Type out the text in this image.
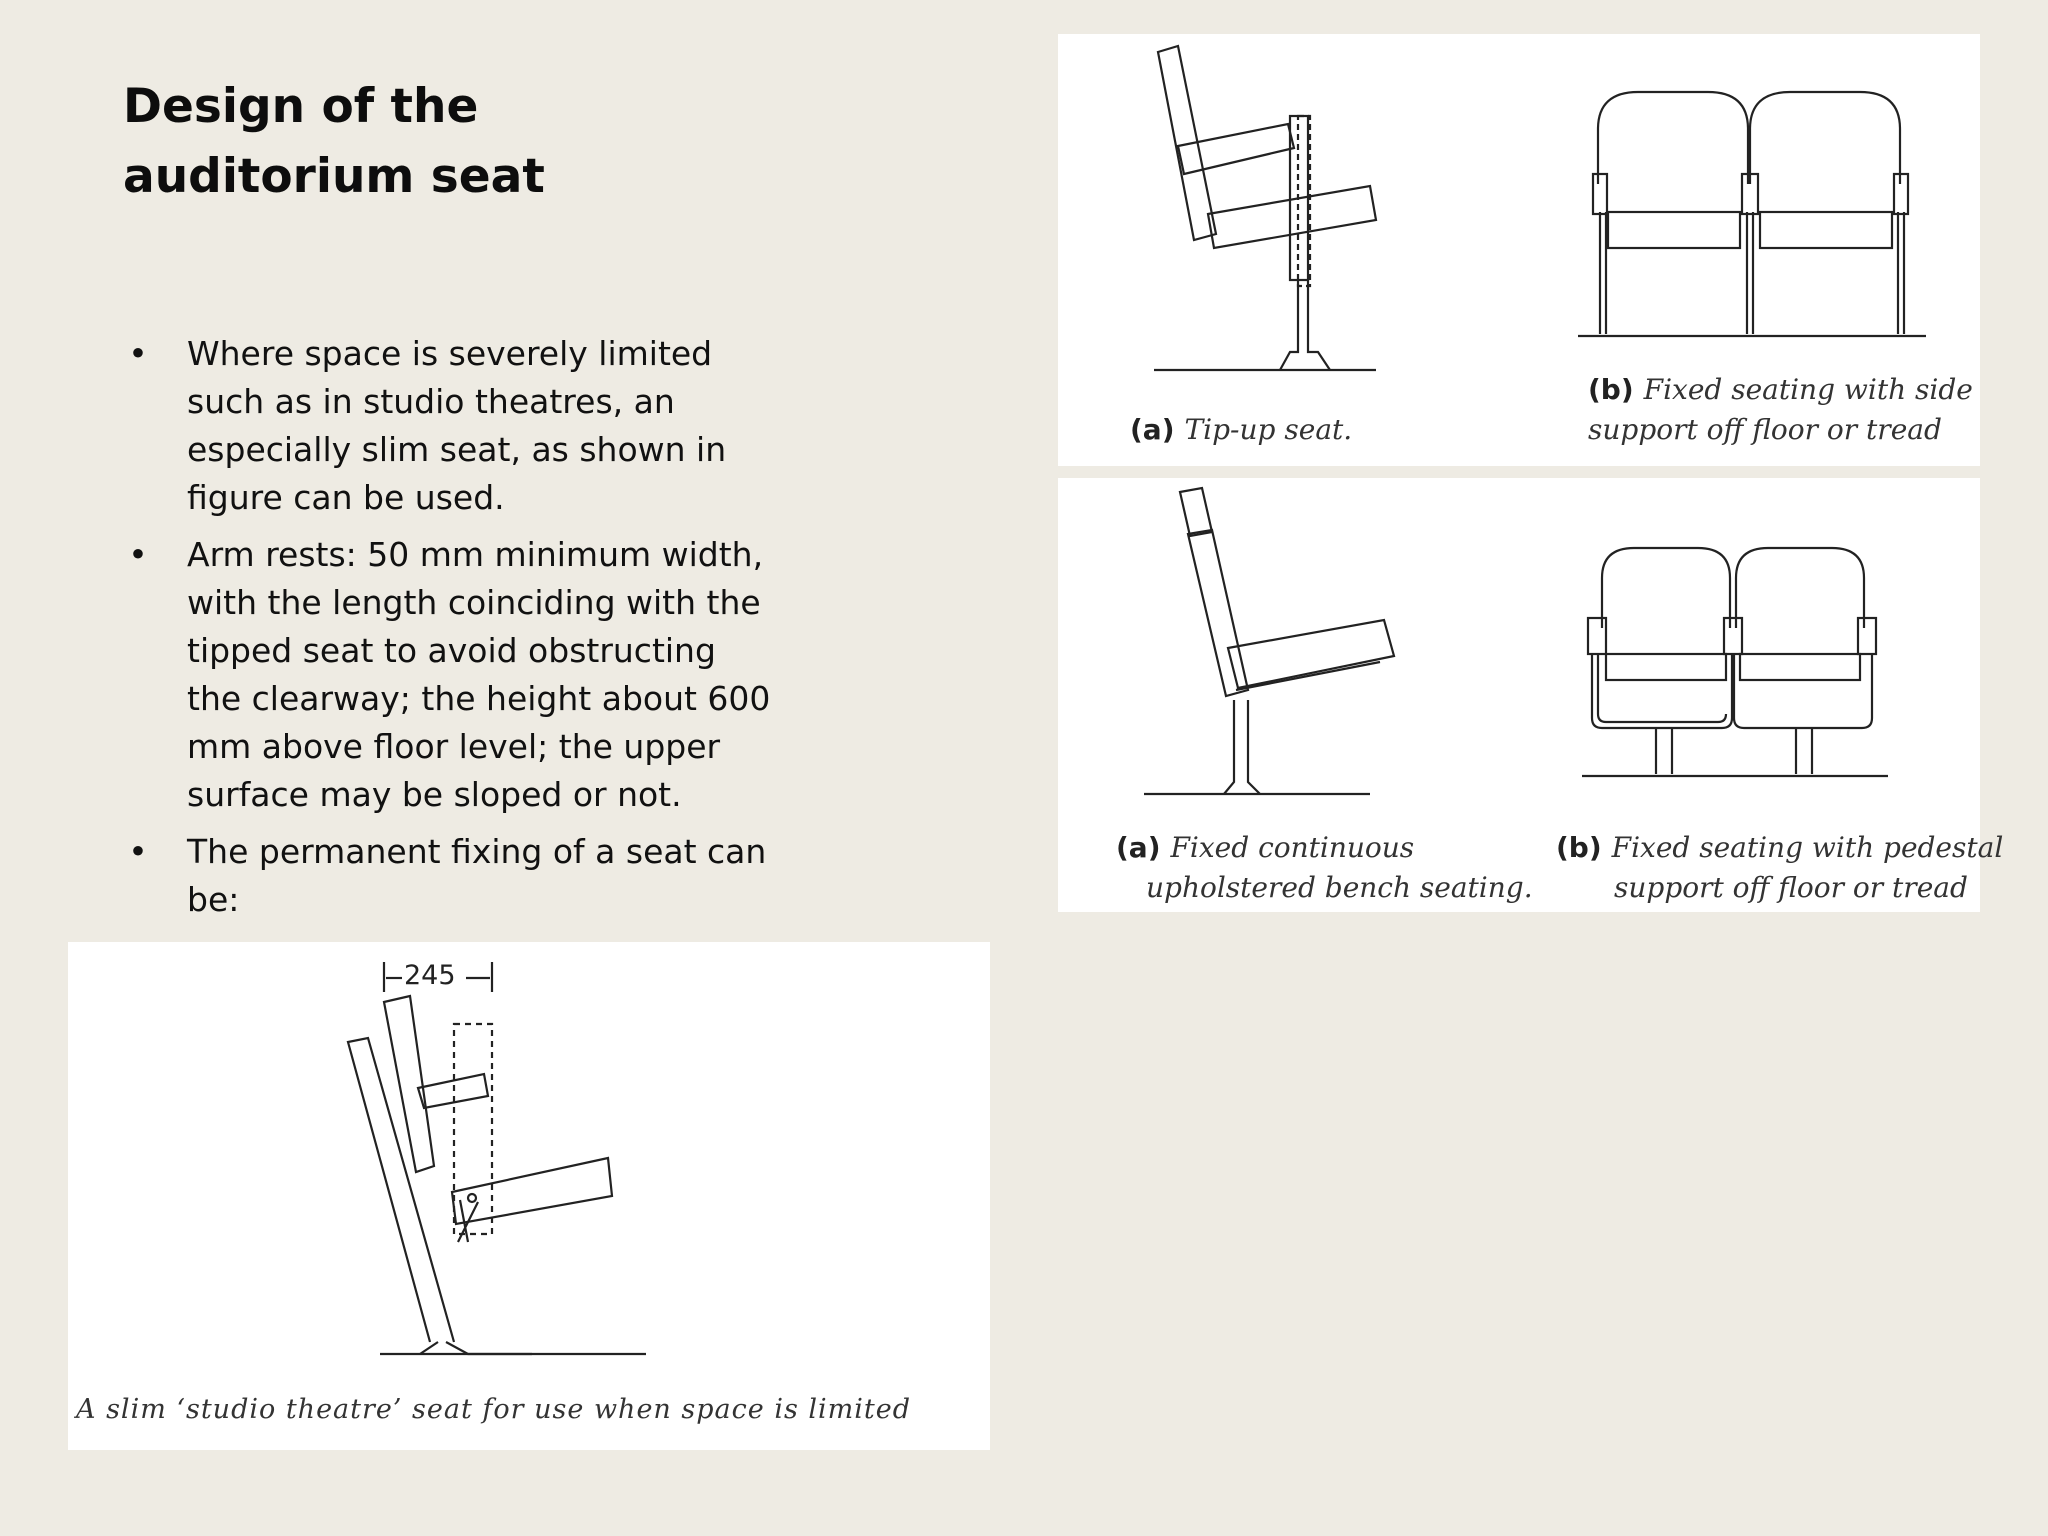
Design of the auditorium seat
• Where space is severely limited such as in studio theatres, an especially slim seat, as shown in figure can be used.
• Arm rests: 50 mm minimum width, with the length coinciding with the tipped seat to avoid obstructing the clearway; the height about 600 mm above floor level; the upper surface may be sloped or not.
• The permanent fixing of a seat can be:
(a) Tip-up seat.
(b) Fixed seating with side
support off floor or tread
(a) Fixed continuous
upholstered bench seating.
(b) Fixed seating with pedestal
support off floor or tread
245
A slim ‘studio theatre’ seat for use when space is limited
